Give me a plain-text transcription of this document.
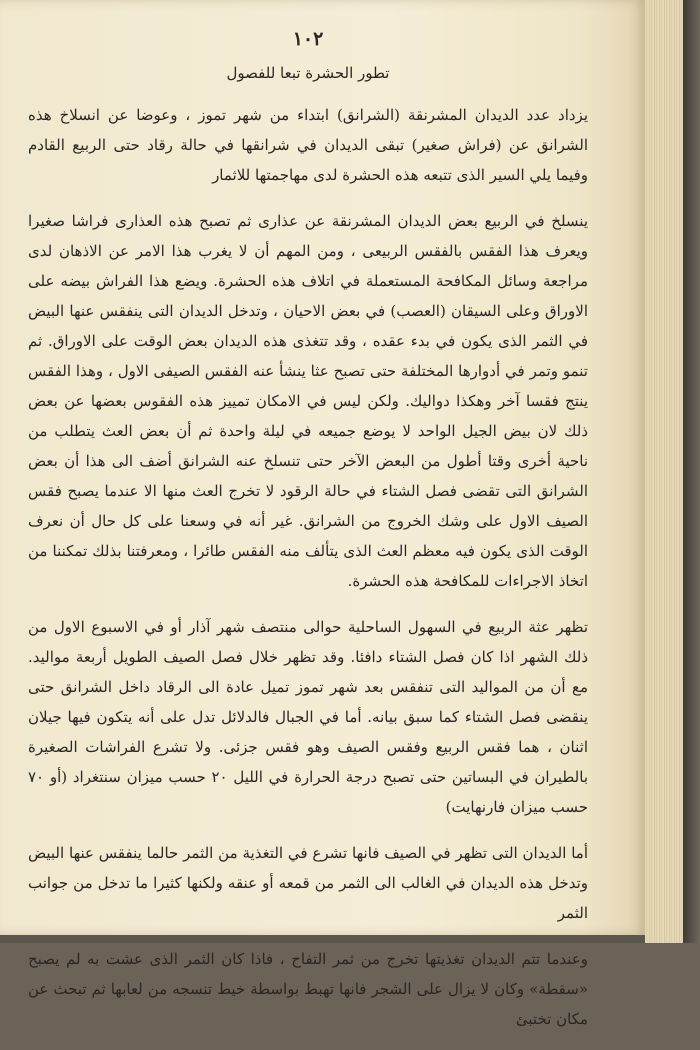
١٠٢
تطور الحشرة تبعا للفصول

يزداد عدد الديدان المشرنقة (الشرانق) ابتداء من شهر تموز ، وعوضا عن انسلاخ هذه الشرانق عن (فراش صغير) تبقى الديدان في شرانقها في حالة رقاد حتى الربيع القادم وفيما يلي السير الذى تتبعه هذه الحشرة لدى مهاجمتها للاثمار

ينسلخ في الربيع بعض الديدان المشرنقة عن عذارى ثم تصبح هذه العذارى فراشا صغيرا ويعرف هذا الفقس بالفقس الربيعى ، ومن المهم أن لا يغرب هذا الامر عن الاذهان لدى مراجعة وسائل المكافحة المستعملة في اتلاف هذه الحشرة. ويضع هذا الفراش بيضه على الاوراق وعلى السيقان (العصب) في بعض الاحيان ، وتدخل الديدان التى ينفقس عنها البيض في الثمر الذى يكون في بدء عقده ، وقد تتغذى هذه الديدان بعض الوقت على الاوراق. ثم تنمو وتمر في أدوارها المختلفة حتى تصبح عثا ينشأ عنه الفقس الصيفى الاول ، وهذا الفقس ينتج فقسا آخر وهكذا دواليك. ولكن ليس في الامكان تمييز هذه الفقوس بعضها عن بعض ذلك لان بيض الجيل الواحد لا يوضع جميعه في ليلة واحدة ثم أن بعض العث يتطلب من ناحية أخرى وقتا أطول من البعض الآخر حتى تنسلخ عنه الشرانق أضف الى هذا أن بعض الشرانق التى تقضى فصل الشتاء في حالة الرقود لا تخرج العث منها الا عندما يصبح فقس الصيف الاول على وشك الخروج من الشرانق. غير أنه في وسعنا على كل حال أن نعرف الوقت الذى يكون فيه معظم العث الذى يتألف منه الفقس طائرا ، ومعرفتنا بذلك تمكننا من اتخاذ الاجراءات للمكافحة هذه الحشرة.

تظهر عثة الربيع في السهول الساحلية حوالى منتصف شهر آذار أو في الاسبوع الاول من ذلك الشهر اذا كان فصل الشتاء دافئا. وقد تظهر خلال فصل الصيف الطويل أربعة مواليد. مع أن من المواليد التى تنفقس بعد شهر تموز تميل عادة الى الرقاد داخل الشرانق حتى ينقضى فصل الشتاء كما سبق بيانه. أما في الجبال فالدلائل تدل على أنه يتكون فيها جيلان اثنان ، هما فقس الربيع وفقس الصيف وهو فقس جزئى. ولا تشرع الفراشات الصغيرة بالطيران في البساتين حتى تصبح درجة الحرارة في الليل ٢٠ حسب ميزان سنتغراد (أو ٧٠ حسب ميزان فارنهايت)

أما الديدان التى تظهر في الصيف فانها تشرع في التغذية من الثمر حالما ينفقس عنها البيض وتدخل هذه الديدان في الغالب الى الثمر من قمعه أو عنقه ولكنها كثيرا ما تدخل من جوانب الثمر

وعندما تتم الديدان تغذيتها تخرج من ثمر التفاح ، فاذا كان الثمر الذى عشت به لم يصبح «سقطة» وكان لا يزال على الشجر فانها تهبط بواسطة خيط تنسجه من لعابها ثم تبحث عن مكان تختبئ
